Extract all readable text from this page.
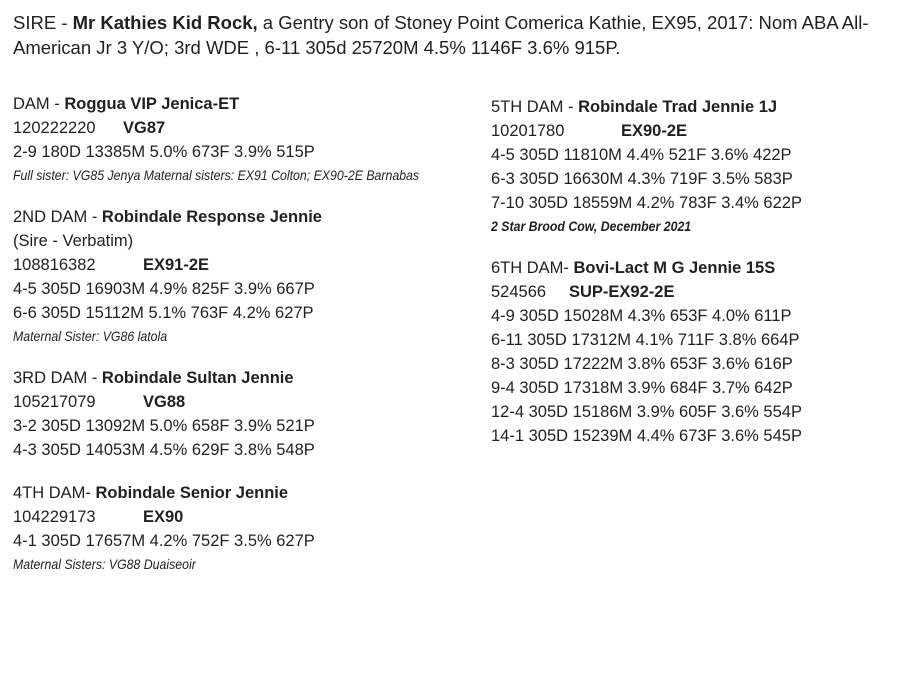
SIRE - Mr Kathies Kid Rock, a Gentry son of Stoney Point Comerica Kathie, EX95, 2017: Nom ABA All-American Jr 3 Y/O; 3rd WDE , 6-11 305d 25720M 4.5% 1146F 3.6% 915P.
DAM - Roggua VIP Jenica-ET
120222220 VG87
2-9 180D 13385M 5.0% 673F 3.9% 515P
Full sister: VG85 Jenya Maternal sisters: EX91 Colton; EX90-2E Barnabas
2ND DAM - Robindale Response Jennie
(Sire - Verbatim)
108816382	EX91-2E
4-5 305D 16903M 4.9% 825F 3.9% 667P
6-6 305D 15112M 5.1% 763F 4.2% 627P
Maternal Sister: VG86 latola
3RD DAM - Robindale Sultan Jennie
105217079	VG88
3-2 305D 13092M 5.0% 658F 3.9% 521P
4-3 305D 14053M 4.5% 629F 3.8% 548P
4TH DAM- Robindale Senior Jennie
104229173	EX90
4-1 305D 17657M 4.2% 752F 3.5% 627P
Maternal Sisters: VG88 Duaiseoir
5TH DAM - Robindale Trad Jennie 1J
10201780	EX90-2E
4-5 305D 11810M 4.4% 521F 3.6% 422P
6-3 305D 16630M 4.3% 719F 3.5% 583P
7-10 305D 18559M 4.2% 783F 3.4% 622P
2 Star Brood Cow, December 2021
6TH DAM- Bovi-Lact M G Jennie 15S
524566 SUP-EX92-2E
4-9 305D 15028M 4.3% 653F 4.0% 611P
6-11 305D 17312M 4.1% 711F 3.8% 664P
8-3 305D 17222M 3.8% 653F 3.6% 616P
9-4 305D 17318M 3.9% 684F 3.7% 642P
12-4 305D 15186M 3.9% 605F 3.6% 554P
14-1 305D 15239M 4.4% 673F 3.6% 545P
